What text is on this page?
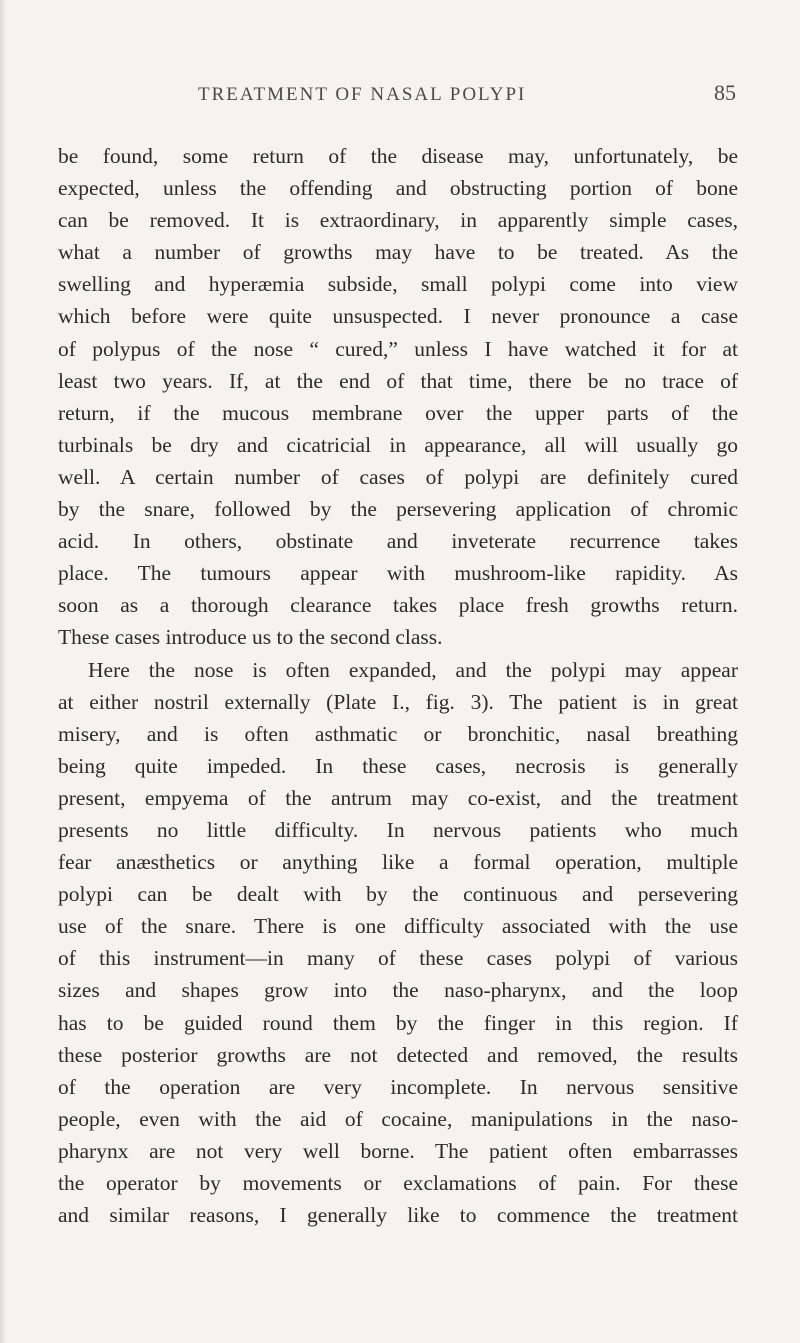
TREATMENT OF NASAL POLYPI	85
be found, some return of the disease may, unfortunately, be
expected, unless the offending and obstructing portion of bone
can be removed. It is extraordinary, in apparently simple cases,
what a number of growths may have to be treated. As the
swelling and hyperæmia subside, small polypi come into view
which before were quite unsuspected. I never pronounce a case
of polypus of the nose “ cured,” unless I have watched it for at
least two years. If, at the end of that time, there be no trace of
return, if the mucous membrane over the upper parts of the
turbinals be dry and cicatricial in appearance, all will usually go
well. A certain number of cases of polypi are definitely cured
by the snare, followed by the persevering application of chromic
acid. In others, obstinate and inveterate recurrence takes
place. The tumours appear with mushroom-like rapidity. As
soon as a thorough clearance takes place fresh growths return.
These cases introduce us to the second class.
Here the nose is often expanded, and the polypi may appear
at either nostril externally (Plate I., fig. 3). The patient is in great
misery, and is often asthmatic or bronchitic, nasal breathing
being quite impeded. In these cases, necrosis is generally
present, empyema of the antrum may co-exist, and the treatment
presents no little difficulty. In nervous patients who much
fear anæsthetics or anything like a formal operation, multiple
polypi can be dealt with by the continuous and persevering
use of the snare. There is one difficulty associated with the use
of this instrument—in many of these cases polypi of various
sizes and shapes grow into the naso-pharynx, and the loop
has to be guided round them by the finger in this region. If
these posterior growths are not detected and removed, the results
of the operation are very incomplete. In nervous sensitive
people, even with the aid of cocaine, manipulations in the naso-
pharynx are not very well borne. The patient often embarrasses
the operator by movements or exclamations of pain. For these
and similar reasons, I generally like to commence the treatment
